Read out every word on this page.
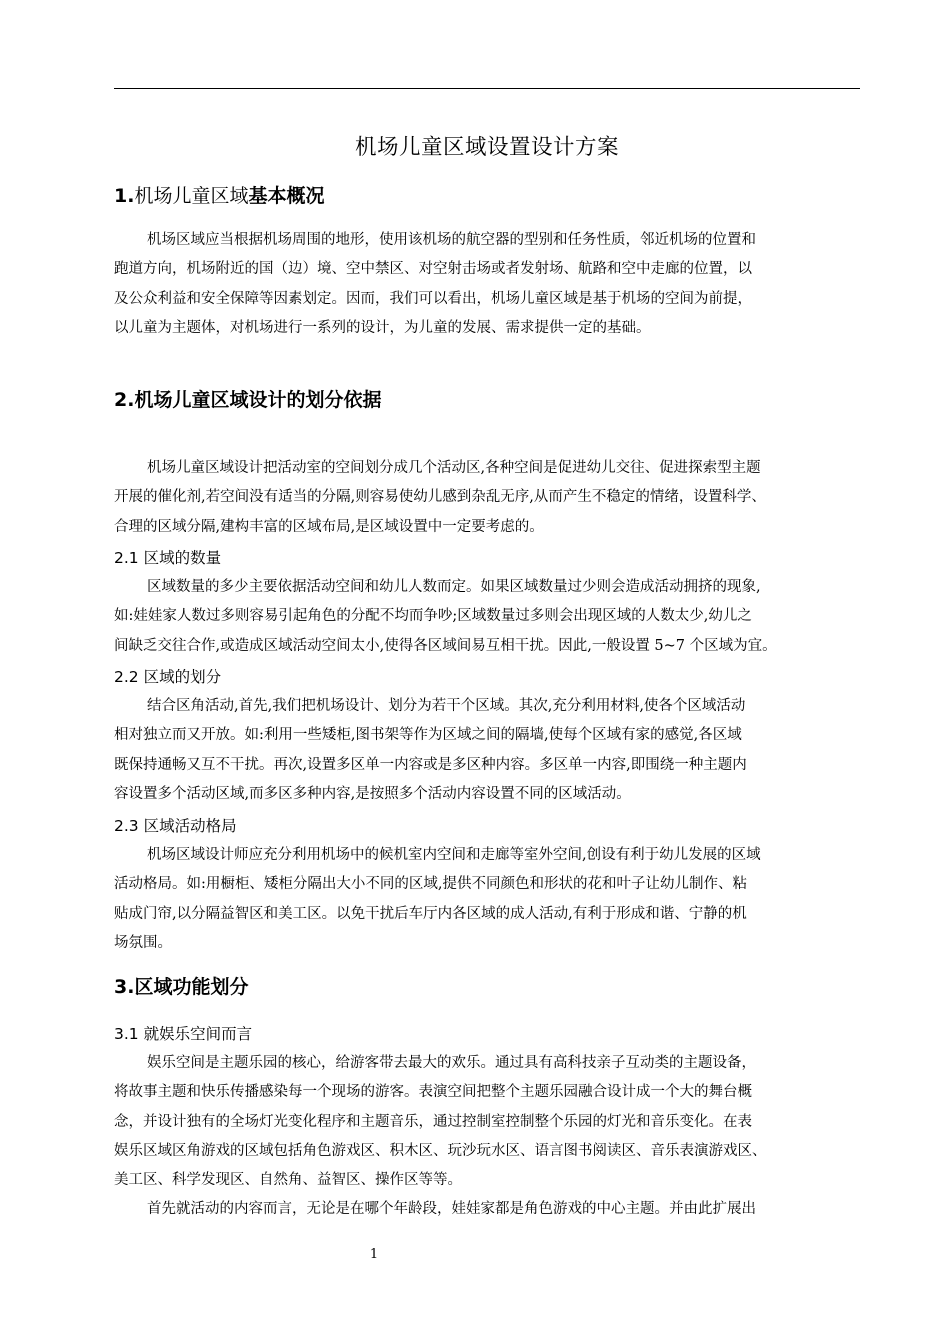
机场儿童区域设置设计方案
1.机场儿童区域基本概况

机场区域应当根据机场周围的地形，使用该机场的航空器的型别和任务性质，邻近机场的位置和
跑道方向，机场附近的国（边）境、空中禁区、对空射击场或者发射场、航路和空中走廊的位置，以
及公众利益和安全保障等因素划定。因而，我们可以看出，机场儿童区域是基于机场的空间为前提，
以儿童为主题体，对机场进行一系列的设计，为儿童的发展、需求提供一定的基础。

2.机场儿童区域设计的划分依据

机场儿童区域设计把活动室的空间划分成几个活动区,各种空间是促进幼儿交往、促进探索型主题
开展的催化剂,若空间没有适当的分隔,则容易使幼儿感到杂乱无序,从而产生不稳定的情绪，设置科学、
合理的区域分隔,建构丰富的区域布局,是区域设置中一定要考虑的。

2.1 区域的数量

区域数量的多少主要依据活动空间和幼儿人数而定。如果区域数量过少则会造成活动拥挤的现象,
如:娃娃家人数过多则容易引起角色的分配不均而争吵;区域数量过多则会出现区域的人数太少,幼儿之
间缺乏交往合作,或造成区域活动空间太小,使得各区域间易互相干扰。因此,一般设置 5~7 个区域为宜。

2.2 区域的划分

结合区角活动,首先,我们把机场设计、划分为若干个区域。其次,充分利用材料,使各个区域活动
相对独立而又开放。如:利用一些矮柜,图书架等作为区域之间的隔墙,使每个区域有家的感觉,各区域
既保持通畅又互不干扰。再次,设置多区单一内容或是多区种内容。多区单一内容,即围绕一种主题内
容设置多个活动区域,而多区多种内容,是按照多个活动内容设置不同的区域活动。

2.3 区域活动格局

机场区域设计师应充分利用机场中的候机室内空间和走廊等室外空间,创设有利于幼儿发展的区域
活动格局。如:用橱柜、矮柜分隔出大小不同的区域,提供不同颜色和形状的花和叶子让幼儿制作、粘
贴成门帘,以分隔益智区和美工区。以免干扰后车厅内各区域的成人活动,有利于形成和谐、宁静的机
场氛围。

3.区域功能划分
3.1 就娱乐空间而言

娱乐空间是主题乐园的核心，给游客带去最大的欢乐。通过具有高科技亲子互动类的主题设备，
将故事主题和快乐传播感染每一个现场的游客。表演空间把整个主题乐园融合设计成一个大的舞台概
念，并设计独有的全场灯光变化程序和主题音乐，通过控制室控制整个乐园的灯光和音乐变化。在表
娱乐区域区角游戏的区域包括角色游戏区、积木区、玩沙玩水区、语言图书阅读区、音乐表演游戏区、
美工区、科学发现区、自然角、益智区、操作区等等。
首先就活动的内容而言，无论是在哪个年龄段，娃娃家都是角色游戏的中心主题。并由此扩展出

1
